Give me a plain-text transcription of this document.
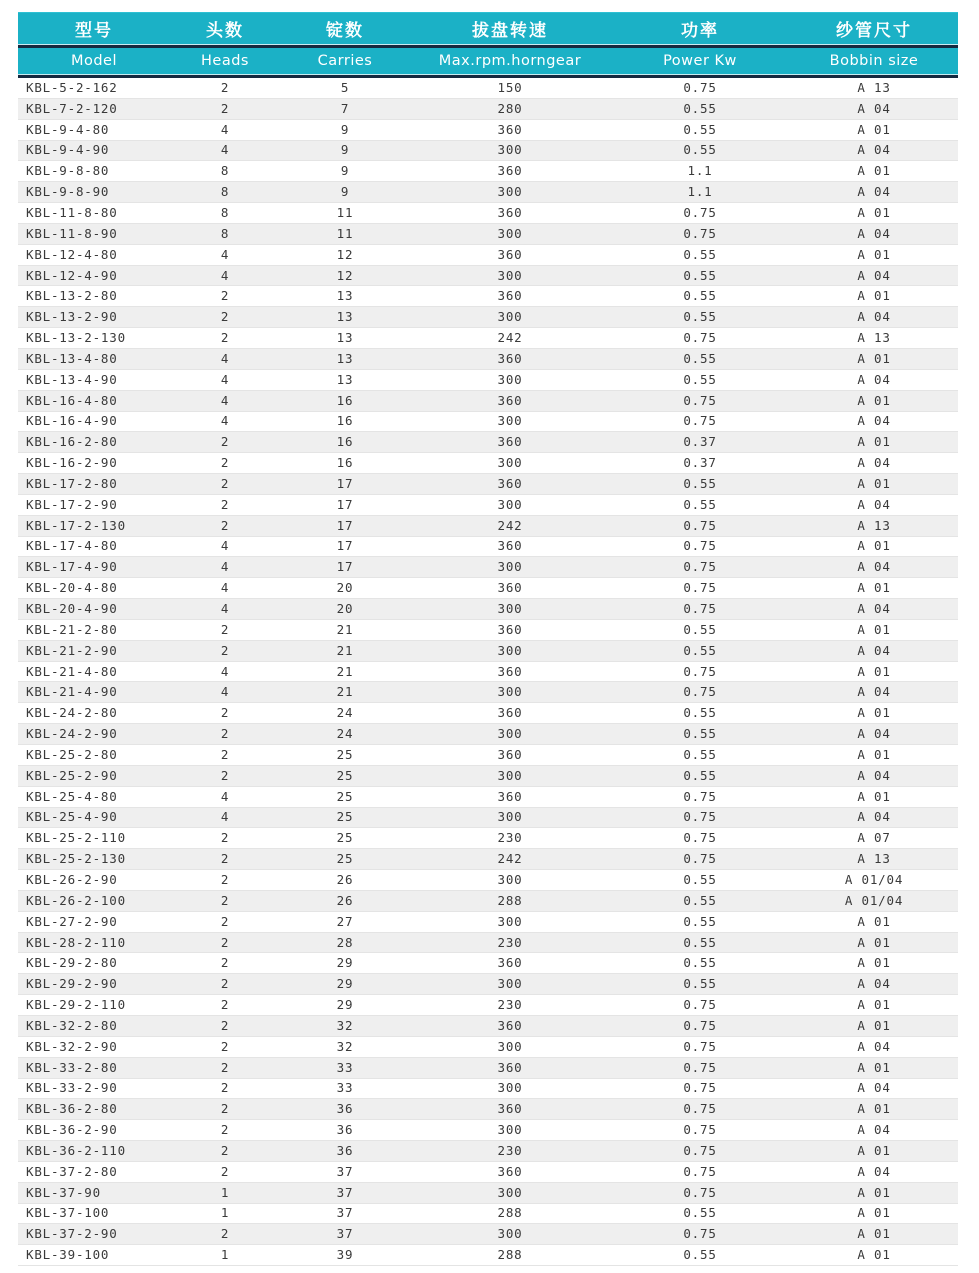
型号	头数	锭数	拔盘转速	功率	纱管尺寸
Model	Heads	Carries	Max.rpm.horngear	Power Kw	Bobbin size
KBL-5-2-162	2	5	150	0.75	A 13
KBL-7-2-120	2	7	280	0.55	A 04
KBL-9-4-80	4	9	360	0.55	A 01
KBL-9-4-90	4	9	300	0.55	A 04
KBL-9-8-80	8	9	360	1.1	A 01
KBL-9-8-90	8	9	300	1.1	A 04
KBL-11-8-80	8	11	360	0.75	A 01
KBL-11-8-90	8	11	300	0.75	A 04
KBL-12-4-80	4	12	360	0.55	A 01
KBL-12-4-90	4	12	300	0.55	A 04
KBL-13-2-80	2	13	360	0.55	A 01
KBL-13-2-90	2	13	300	0.55	A 04
KBL-13-2-130	2	13	242	0.75	A 13
KBL-13-4-80	4	13	360	0.55	A 01
KBL-13-4-90	4	13	300	0.55	A 04
KBL-16-4-80	4	16	360	0.75	A 01
KBL-16-4-90	4	16	300	0.75	A 04
KBL-16-2-80	2	16	360	0.37	A 01
KBL-16-2-90	2	16	300	0.37	A 04
KBL-17-2-80	2	17	360	0.55	A 01
KBL-17-2-90	2	17	300	0.55	A 04
KBL-17-2-130	2	17	242	0.75	A 13
KBL-17-4-80	4	17	360	0.75	A 01
KBL-17-4-90	4	17	300	0.75	A 04
KBL-20-4-80	4	20	360	0.75	A 01
KBL-20-4-90	4	20	300	0.75	A 04
KBL-21-2-80	2	21	360	0.55	A 01
KBL-21-2-90	2	21	300	0.55	A 04
KBL-21-4-80	4	21	360	0.75	A 01
KBL-21-4-90	4	21	300	0.75	A 04
KBL-24-2-80	2	24	360	0.55	A 01
KBL-24-2-90	2	24	300	0.55	A 04
KBL-25-2-80	2	25	360	0.55	A 01
KBL-25-2-90	2	25	300	0.55	A 04
KBL-25-4-80	4	25	360	0.75	A 01
KBL-25-4-90	4	25	300	0.75	A 04
KBL-25-2-110	2	25	230	0.75	A 07
KBL-25-2-130	2	25	242	0.75	A 13
KBL-26-2-90	2	26	300	0.55	A 01/04
KBL-26-2-100	2	26	288	0.55	A 01/04
KBL-27-2-90	2	27	300	0.55	A 01
KBL-28-2-110	2	28	230	0.55	A 01
KBL-29-2-80	2	29	360	0.55	A 01
KBL-29-2-90	2	29	300	0.55	A 04
KBL-29-2-110	2	29	230	0.75	A 01
KBL-32-2-80	2	32	360	0.75	A 01
KBL-32-2-90	2	32	300	0.75	A 04
KBL-33-2-80	2	33	360	0.75	A 01
KBL-33-2-90	2	33	300	0.75	A 04
KBL-36-2-80	2	36	360	0.75	A 01
KBL-36-2-90	2	36	300	0.75	A 04
KBL-36-2-110	2	36	230	0.75	A 01
KBL-37-2-80	2	37	360	0.75	A 04
KBL-37-90	1	37	300	0.75	A 01
KBL-37-100	1	37	288	0.55	A 01
KBL-37-2-90	2	37	300	0.75	A 01
KBL-39-100	1	39	288	0.55	A 01
